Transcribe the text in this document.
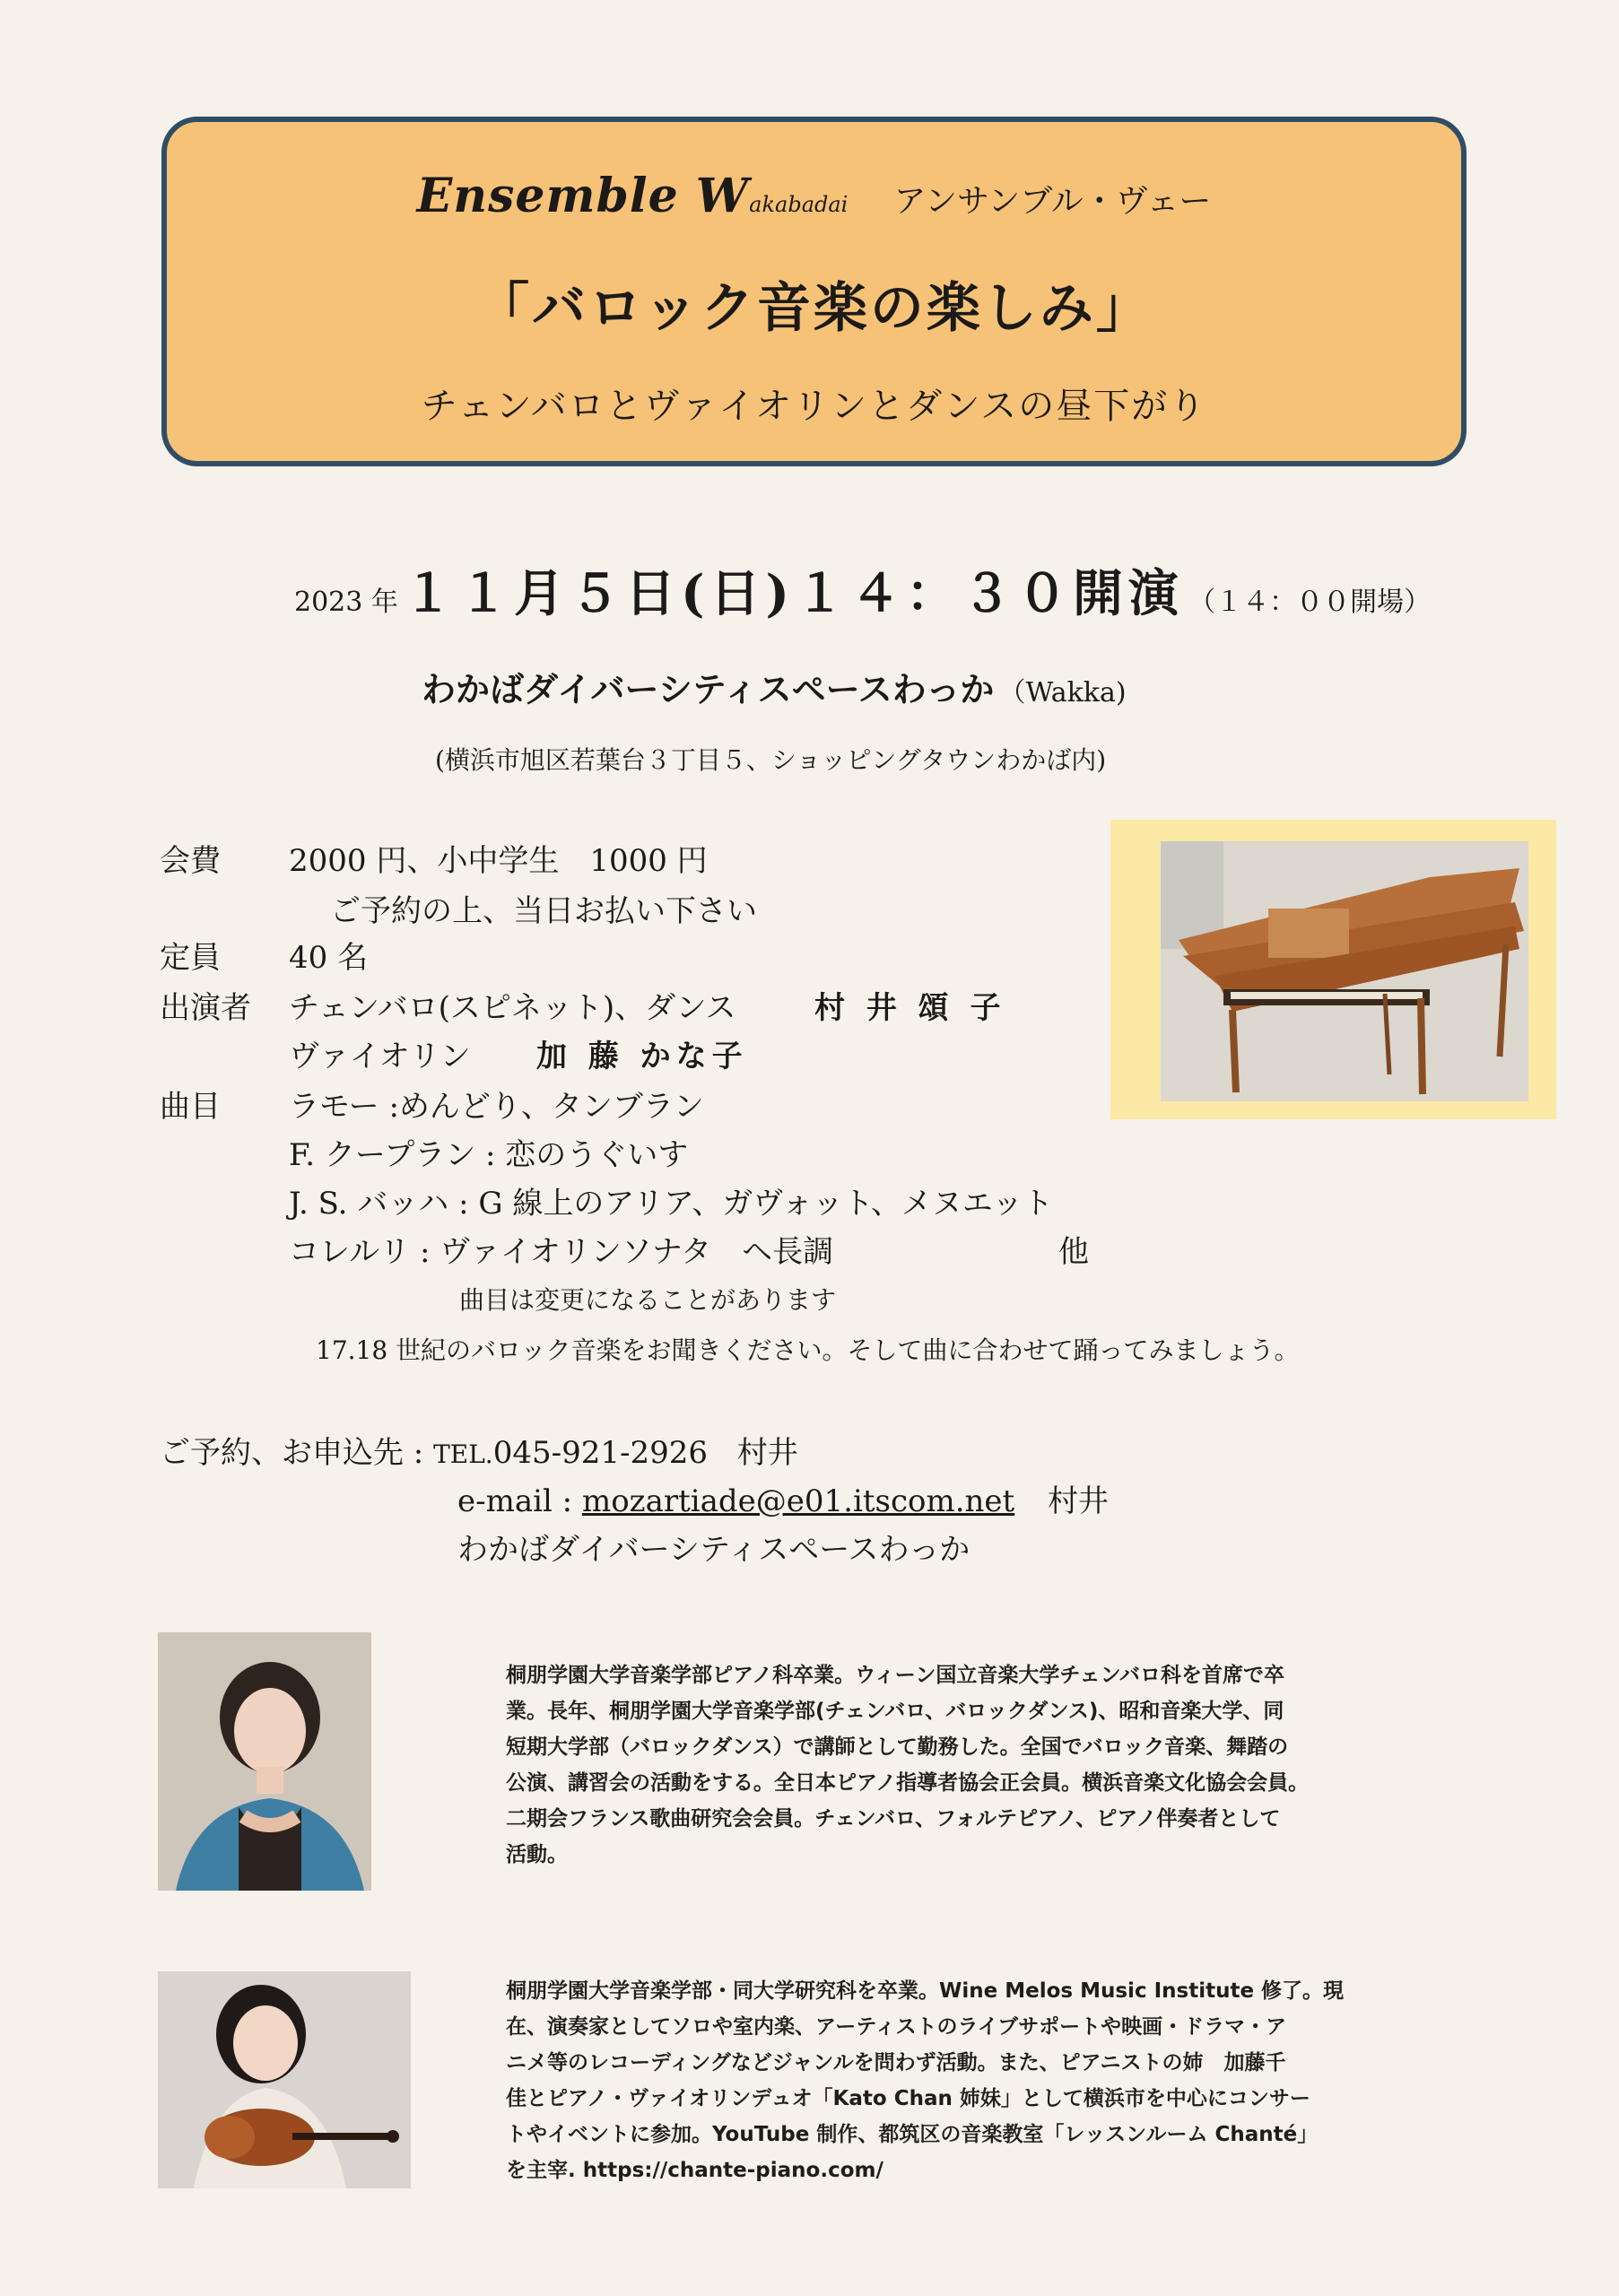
Ensemble Wakabadai アンサンブル・ヴェー
「バロック音楽の楽しみ」
チェンバロとヴァイオリンとダンスの昼下がり
2023 年 １１月５日(日)１４：３０開演 （１４：００開場）
わかばダイバーシティスペースわっか （Wakka)
(横浜市旭区若葉台３丁目５、ショッピングタウンわかば内)
会費 2000 円、小中学生　1000 円
ご予約の上、当日お払い下さい
定員 40 名
出演者 チェンバロ(スピネット)、ダンス	村 井 頌 子
ヴァイオリン 加 藤 かな子
曲目 ラモー :めんどり、タンブラン
F. クープラン : 恋のうぐいす
J. S. バッハ : G 線上のアリア、ガヴォット、メヌエット
コレルリ : ヴァイオリンソナタ　ヘ長調	他
曲目は変更になることがあります
17.18 世紀のバロック音楽をお聞きください。そして曲に合わせて踊ってみましょう。
ご予約、お申込先 : TEL.045-921-2926 村井
e-mail : mozartiade@e01.itscom.net 村井
わかばダイバーシティスペースわっか
桐朋学園大学音楽学部ピアノ科卒業。ウィーン国立音楽大学チェンバロ科を首席で卒
業。長年、桐朋学園大学音楽学部(チェンバロ、バロックダンス)、昭和音楽大学、同
短期大学部（バロックダンス）で講師として勤務した。全国でバロック音楽、舞踏の
公演、講習会の活動をする。全日本ピアノ指導者協会正会員。横浜音楽文化協会会員。
二期会フランス歌曲研究会会員。チェンバロ、フォルテピアノ、ピアノ伴奏者として
活動。
桐朋学園大学音楽学部・同大学研究科を卒業。Wine Melos Music Institute 修了。現
在、演奏家としてソロや室内楽、アーティストのライブサポートや映画・ドラマ・ア
ニメ等のレコーディングなどジャンルを問わず活動。また、ピアニストの姉　加藤千
佳とピアノ・ヴァイオリンデュオ「Kato Chan 姉妹」として横浜市を中心にコンサー
トやイベントに参加。YouTube 制作、都筑区の音楽教室「レッスンルーム Chanté」
を主宰. https://chante-piano.com/
